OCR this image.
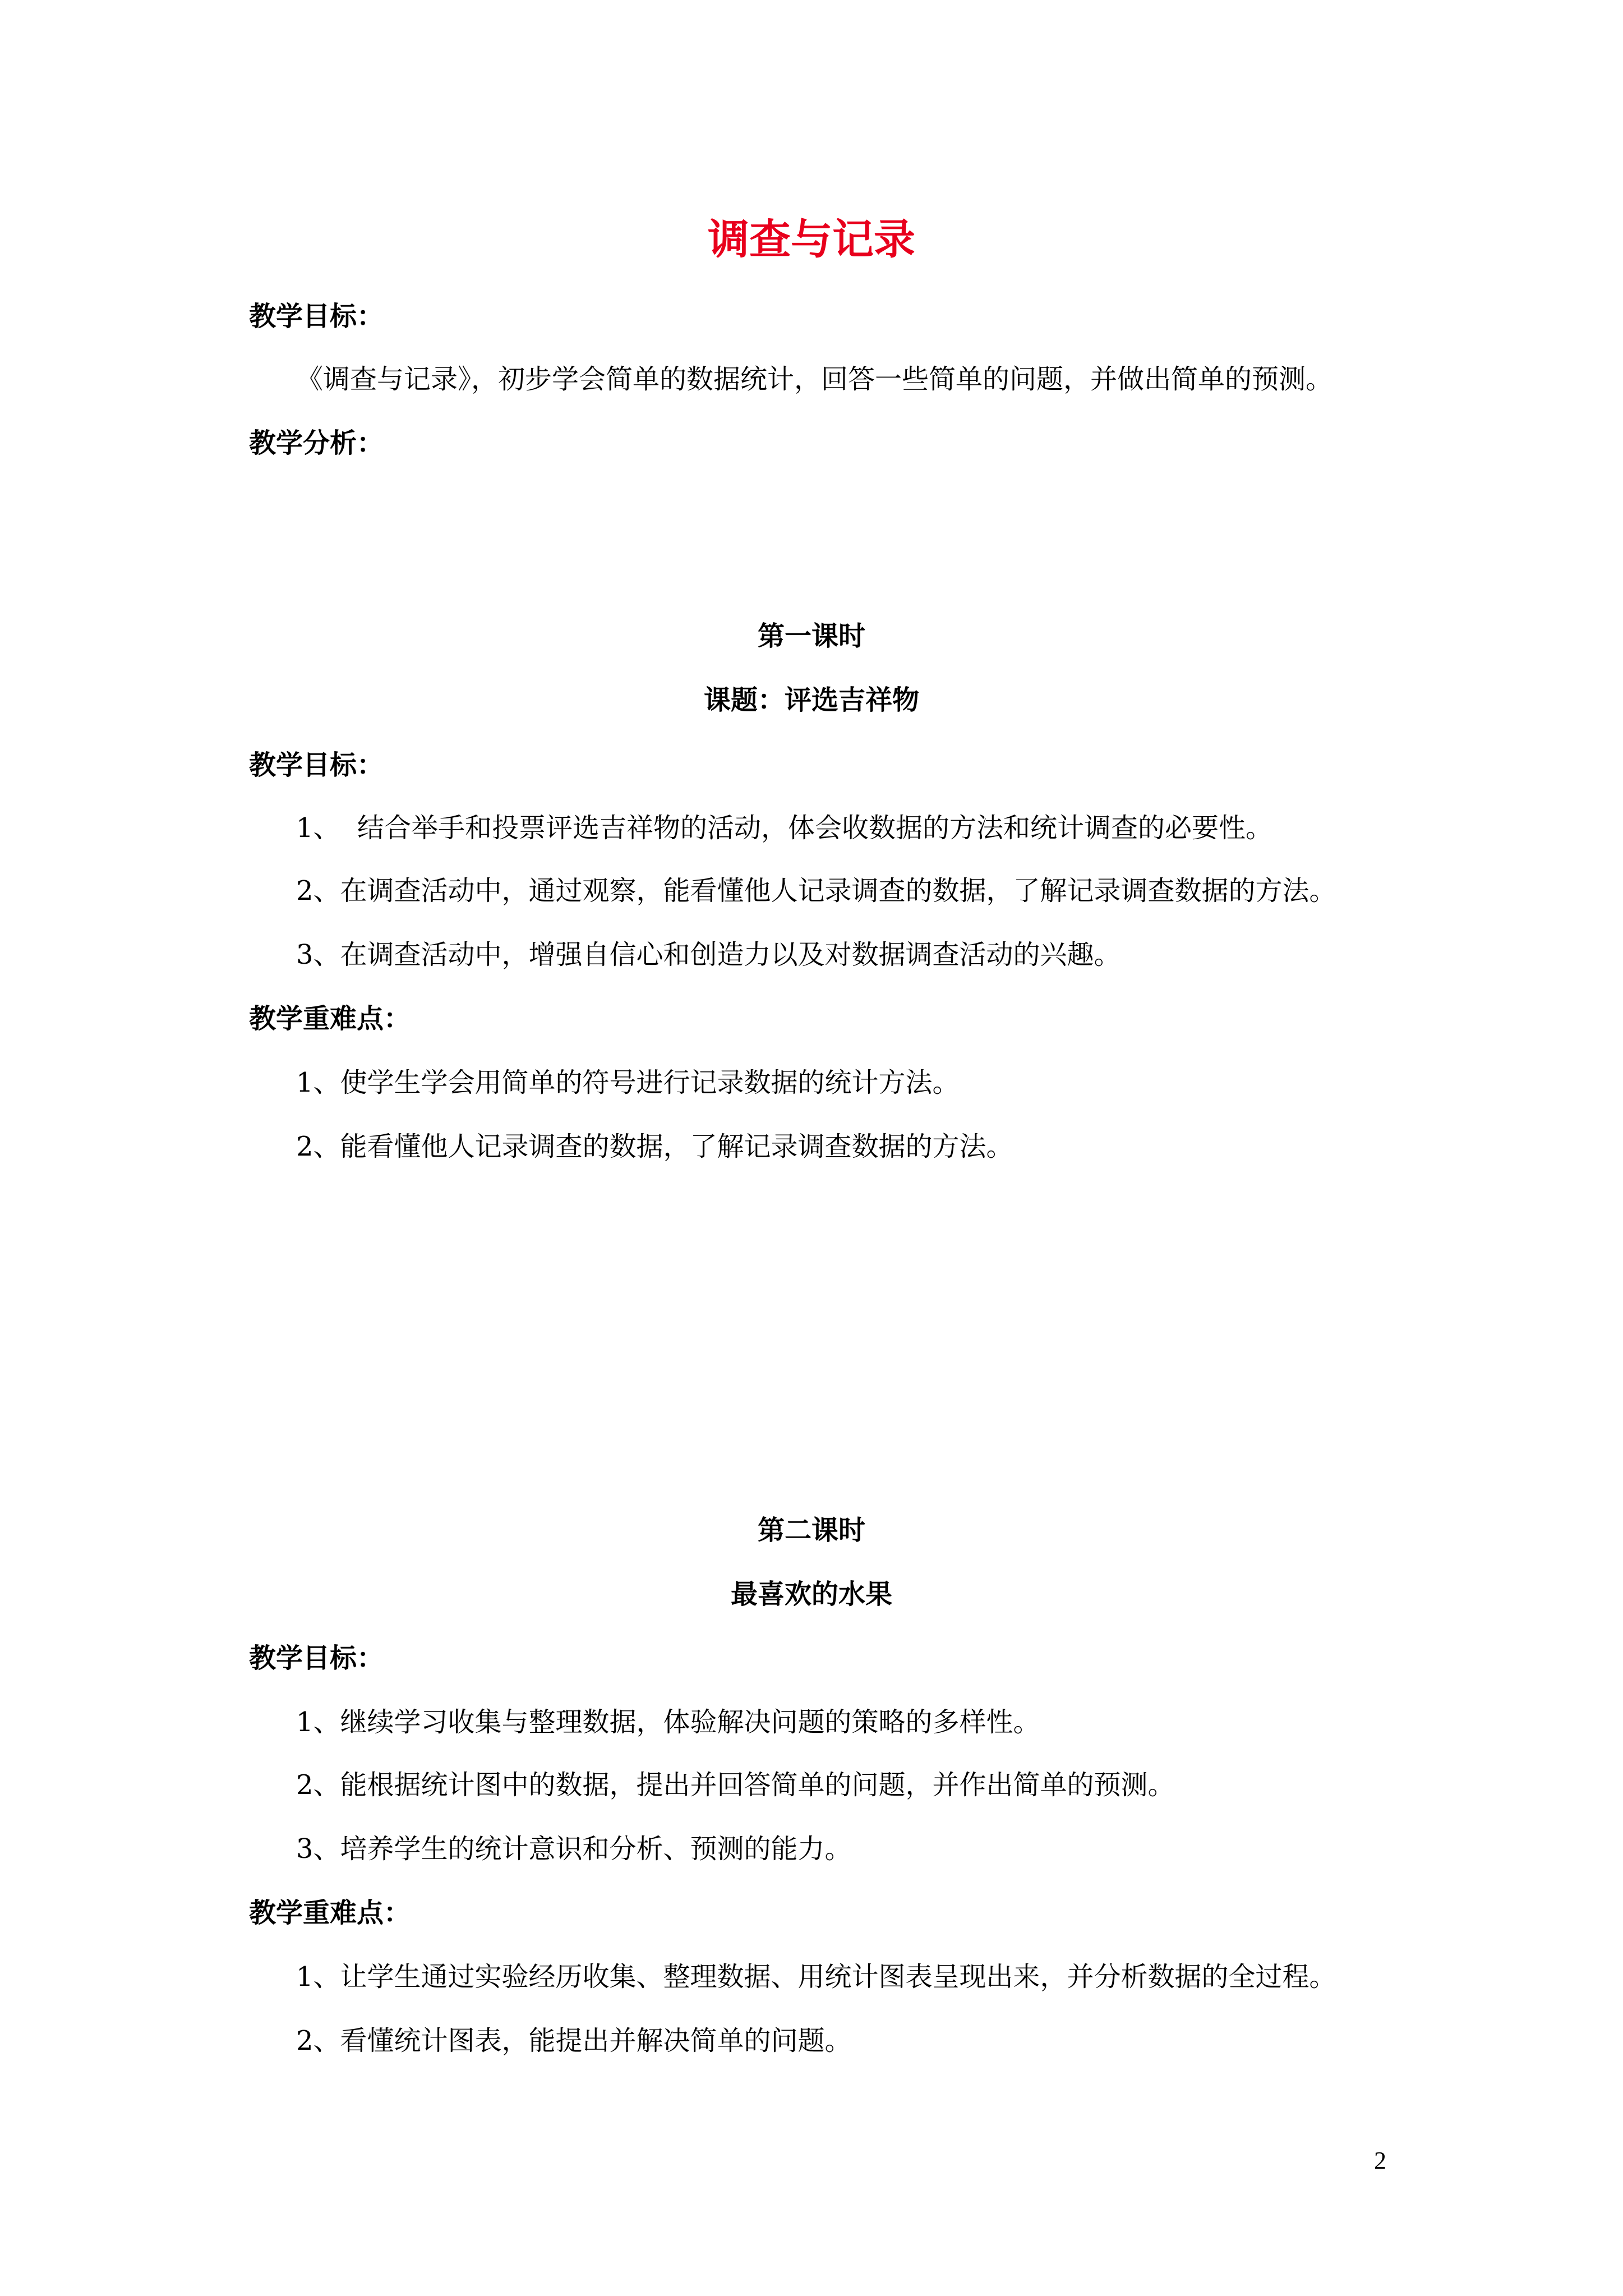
调查与记录
教学目标：
《调查与记录》，初步学会简单的数据统计，回答一些简单的问题，并做出简单的预测。
教学分析：
第一课时
课题：评选吉祥物
教学目标：
1、  结合举手和投票评选吉祥物的活动，体会收数据的方法和统计调查的必要性。
2、在调查活动中，通过观察，能看懂他人记录调查的数据，了解记录调查数据的方法。
3、在调查活动中，增强自信心和创造力以及对数据调查活动的兴趣。
教学重难点：
1、使学生学会用简单的符号进行记录数据的统计方法。
2、能看懂他人记录调查的数据，了解记录调查数据的方法。
第二课时
最喜欢的水果
教学目标：
1、继续学习收集与整理数据，体验解决问题的策略的多样性。
2、能根据统计图中的数据，提出并回答简单的问题，并作出简单的预测。
3、培养学生的统计意识和分析、预测的能力。
教学重难点：
1、让学生通过实验经历收集、整理数据、用统计图表呈现出来，并分析数据的全过程。
2、看懂统计图表，能提出并解决简单的问题。
2
